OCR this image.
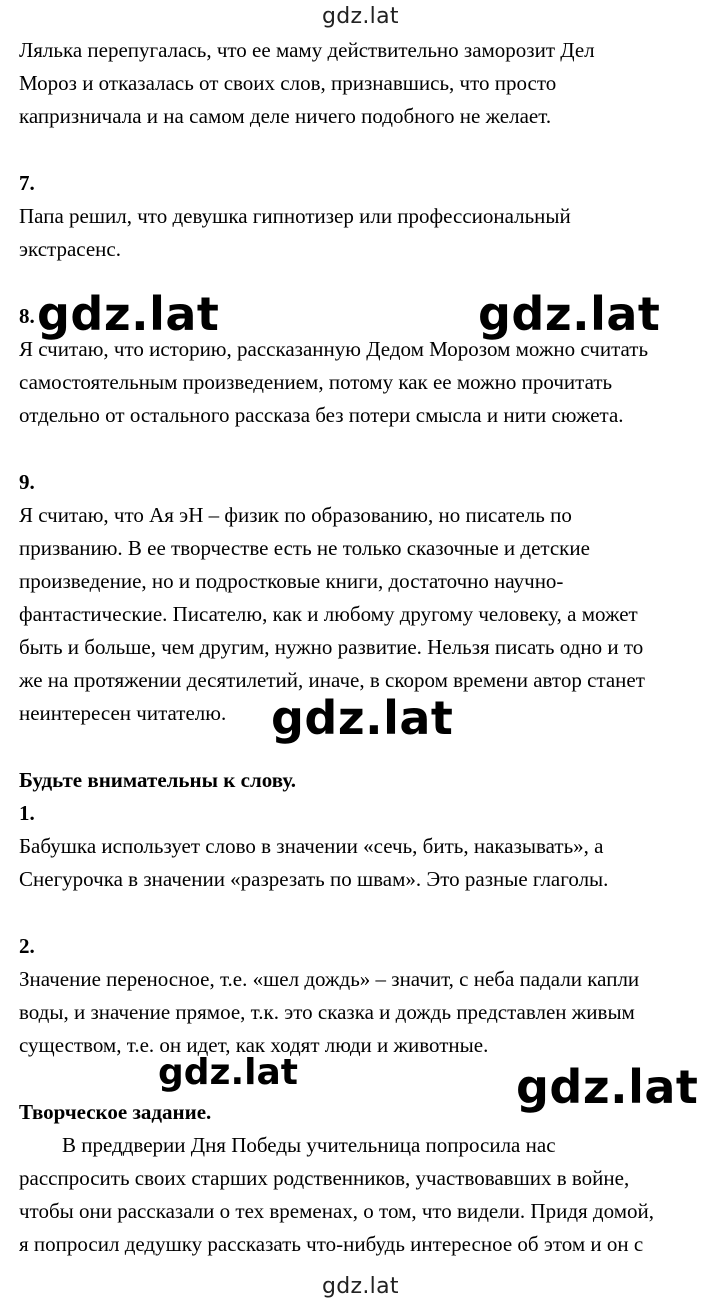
gdz.lat
Лялька перепугалась, что ее маму действительно заморозит Дел
Мороз и отказалась от своих слов, признавшись, что просто
капризничала и на самом деле ничего подобного не желает.
7.
Папа решил, что девушка гипнотизер или профессиональный
экстрасенс.
8. gdz.lat	gdz.lat
Я считаю, что историю, рассказанную Дедом Морозом можно считать
самостоятельным произведением, потому как ее можно прочитать
отдельно от остального рассказа без потери смысла и нити сюжета.
9.
Я считаю, что Ая эН – физик по образованию, но писатель по
призванию. В ее творчестве есть не только сказочные и детские
произведение, но и подростковые книги, достаточно научно-
фантастические. Писателю, как и любому другому человеку, а может
быть и больше, чем другим, нужно развитие. Нельзя писать одно и то
же на протяжении десятилетий, иначе, в скором времени автор станет
неинтересен читателю. gdz.lat
Будьте внимательны к слову.
1.
Бабушка использует слово в значении «сечь, бить, наказывать», а
Снегурочка в значении «разрезать по швам». Это разные глаголы.
2.
Значение переносное, т.е. «шел дождь» – значит, с неба падали капли
воды, и значение прямое, т.к. это сказка и дождь представлен живым
существом, т.е. он идет, как ходят люди и животные.
gdz.lat	gdz.lat
Творческое задание.
В преддверии Дня Победы учительница попросила нас
расспросить своих старших родственников, участвовавших в войне,
чтобы они рассказали о тех временах, о том, что видели. Придя домой,
я попросил дедушку рассказать что-нибудь интересное об этом и он с
gdz.lat
